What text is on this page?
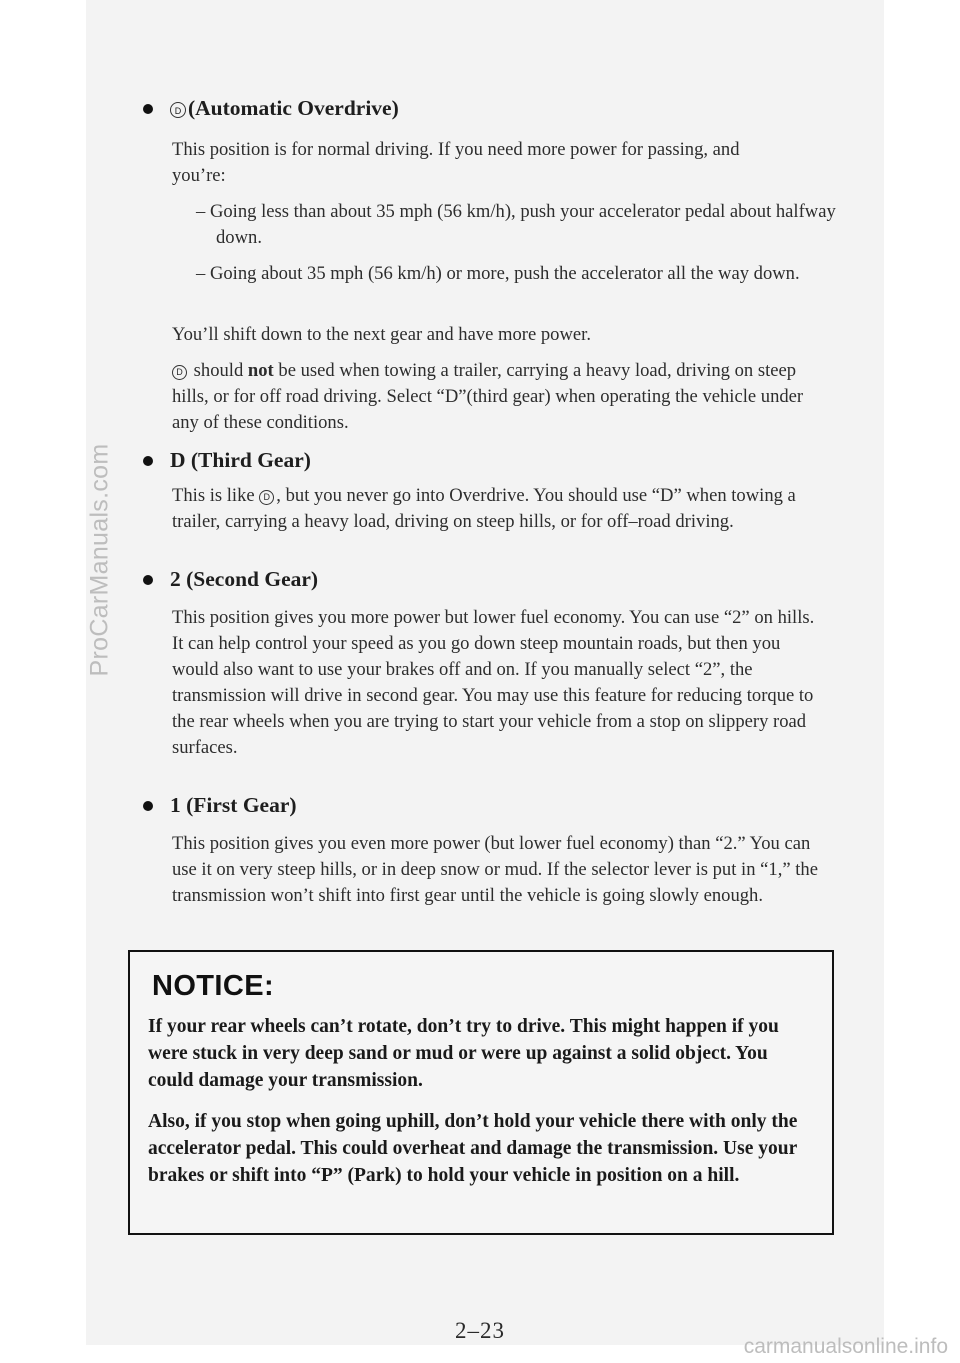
ProCarManuals.com
D (Automatic Overdrive)
This position is for normal driving. If you need more power for passing, and you’re:
– Going less than about 35 mph (56 km/h), push your accelerator pedal about halfway down.
– Going about 35 mph (56 km/h) or more, push the accelerator all the way down.
You’ll shift down to the next gear and have more power.
D should not be used when towing a trailer, carrying a heavy load, driving on steep hills, or for off road driving. Select “D”(third gear) when operating the vehicle under any of these conditions.
D (Third Gear)
This is like D , but you never go into Overdrive. You should use “D” when towing a trailer, carrying a heavy load, driving on steep hills, or for off–road driving.
2 (Second Gear)
This position gives you more power but lower fuel economy. You can use “2” on hills. It can help control your speed as you go down steep mountain roads, but then you would also want to use your brakes off and on. If you manually select “2”, the transmission will drive in second gear. You may use this feature for reducing torque to the rear wheels when you are trying to start your vehicle from a stop on slippery road surfaces.
1 (First Gear)
This position gives you even more power (but lower fuel economy) than “2.” You can use it on very steep hills, or in deep snow or mud. If the selector lever is put in “1,” the transmission won’t shift into first gear until the vehicle is going slowly enough.
NOTICE:
If your rear wheels can’t rotate, don’t try to drive. This might happen if you were stuck in very deep sand or mud or were up against a solid object. You could damage your transmission.
Also, if you stop when going uphill, don’t hold your vehicle there with only the accelerator pedal. This could overheat and damage the transmission. Use your brakes or shift into “P” (Park) to hold your vehicle in position on a hill.
2–23
carmanualsonline.info
